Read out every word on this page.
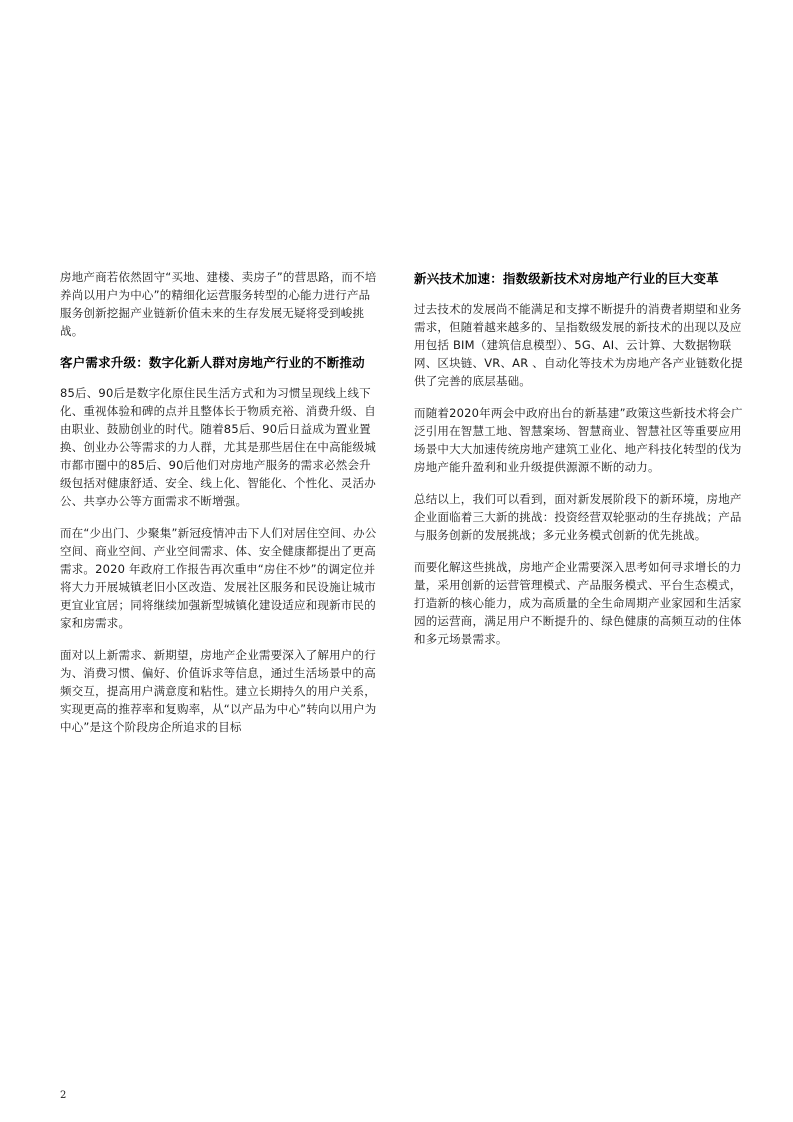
房地产商若依然固守“买地、建楼、卖房子”的营思路，而不培养尚以用户为中心”的精细化运营服务转型的心能力进行产品服务创新挖掘产业链新价值未来的生存发展无疑将受到峻挑战。

客户需求升级：数字化新人群对房地产行业的不断推动

85后、90后是数字化原住民生活方式和为习惯呈现线上线下化、重视体验和碑的点并且整体长于物质充裕、消费升级、自由职业、鼓励创业的时代。随着85后、90后日益成为置业置换、创业办公等需求的力人群，尤其是那些居住在中高能级城市都市圈中的85后、90后他们对房地产服务的需求必然会升级包括对健康舒适、安全、线上化、智能化、个性化、灵活办公、共享办公等方面需求不断增强。

而在“少出门、少聚集”新冠疫情冲击下人们对居住空间、办公空间、商业空间、产业空间需求、体、安全健康都提出了更高需求。2020 年政府工作报告再次重申“房住不炒”的调定位并将大力开展城镇老旧小区改造、发展社区服务和民设施让城市更宜业宜居；同将继续加强新型城镇化建设适应和现新市民的家和房需求。

面对以上新需求、新期望，房地产企业需要深入了解用户的行为、消费习惯、偏好、价值诉求等信息，通过生活场景中的高频交互，提高用户满意度和粘性。建立长期持久的用户关系，实现更高的推荐率和复购率，从“以产品为中心”转向以用户为中心”是这个阶段房企所追求的目标

新兴技术加速：指数级新技术对房地产行业的巨大变革

过去技术的发展尚不能满足和支撑不断提升的消费者期望和业务需求，但随着越来越多的、呈指数级发展的新技术的出现以及应用包括 BIM（建筑信息模型）、5G、AI、云计算、大数据物联网、区块链、VR、AR 、自动化等技术为房地产各产业链数化提供了完善的底层基础。

而随着2020年两会中政府出台的新基建”政策这些新技术将会广泛引用在智慧工地、智慧案场、智慧商业、智慧社区等重要应用场景中大大加速传统房地产建筑工业化、地产科技化转型的伐为房地产能升盈利和业升级提供源源不断的动力。

总结以上，我们可以看到，面对新发展阶段下的新环境，房地产企业面临着三大新的挑战：投资经营双轮驱动的生存挑战；产品与服务创新的发展挑战；多元业务模式创新的优先挑战。

而要化解这些挑战，房地产企业需要深入思考如何寻求增长的力量，采用创新的运营管理模式、产品服务模式、平台生态模式，打造新的核心能力，成为高质量的全生命周期产业家园和生活家园的运营商，满足用户不断提升的、绿色健康的高频互动的住体和多元场景需求。

2
